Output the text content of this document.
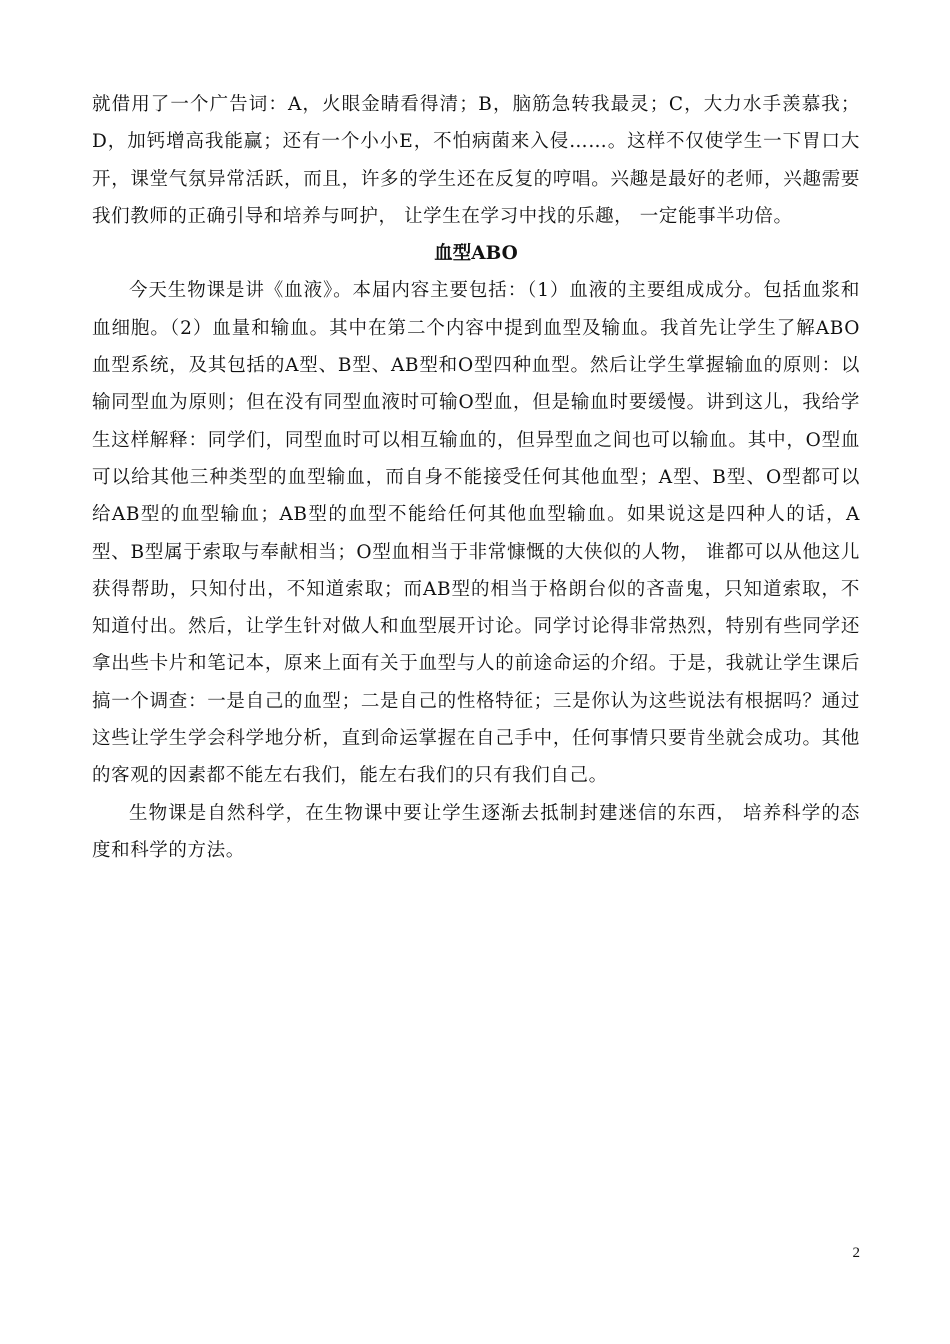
就借用了一个广告词：A，火眼金睛看得清；B，脑筋急转我最灵；C，大力水手羡慕我；D，加钙增高我能赢；还有一个小小E，不怕病菌来入侵……。这样不仅使学生一下胃口大开，课堂气氛异常活跃，而且，许多的学生还在反复的哼唱。兴趣是最好的老师，兴趣需要我们教师的正确引导和培养与呵护， 让学生在学习中找的乐趣， 一定能事半功倍。

血型ABO

今天生物课是讲《血液》。本届内容主要包括：（1）血液的主要组成成分。包括血浆和血细胞。（2）血量和输血。其中在第二个内容中提到血型及输血。我首先让学生了解ABO血型系统，及其包括的A型、B型、AB型和O型四种血型。然后让学生掌握输血的原则：以输同型血为原则；但在没有同型血液时可输O型血，但是输血时要缓慢。讲到这儿，我给学生这样解释：同学们，同型血时可以相互输血的，但异型血之间也可以输血。其中，O型血可以给其他三种类型的血型输血，而自身不能接受任何其他血型；A型、B型、O型都可以给AB型的血型输血；AB型的血型不能给任何其他血型输血。如果说这是四种人的话，A型、B型属于索取与奉献相当；O型血相当于非常慷慨的大侠似的人物， 谁都可以从他这儿获得帮助，只知付出，不知道索取；而AB型的相当于格朗台似的吝啬鬼，只知道索取，不知道付出。然后，让学生针对做人和血型展开讨论。同学讨论得非常热烈，特别有些同学还拿出些卡片和笔记本，原来上面有关于血型与人的前途命运的介绍。于是，我就让学生课后搞一个调查：一是自己的血型；二是自己的性格特征；三是你认为这些说法有根据吗？通过这些让学生学会科学地分析，直到命运掌握在自己手中，任何事情只要肯坐就会成功。其他的客观的因素都不能左右我们，能左右我们的只有我们自己。

生物课是自然科学，在生物课中要让学生逐渐去抵制封建迷信的东西， 培养科学的态度和科学的方法。

2
